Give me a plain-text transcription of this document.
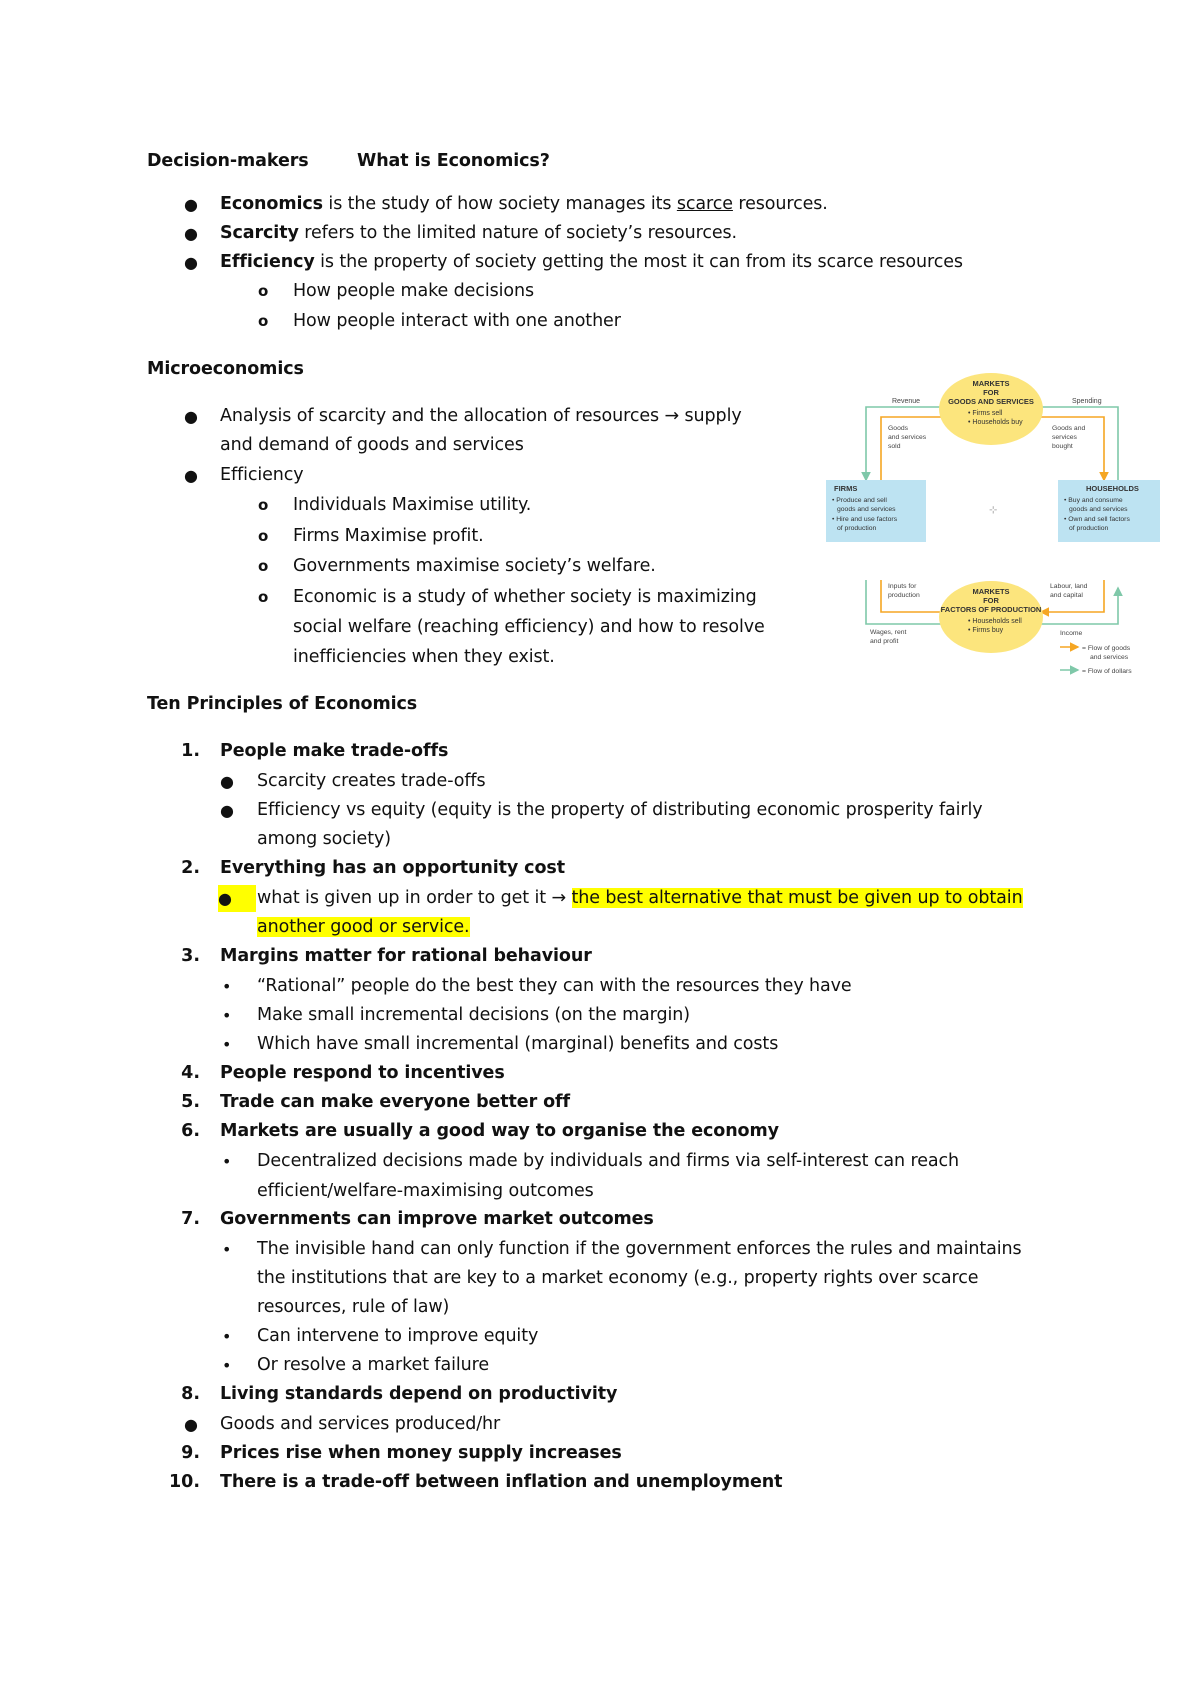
Decision-makers	What is Economics?
● Economics is the study of how society manages its scarce resources.
● Scarcity refers to the limited nature of society’s resources.
● Efficiency is the property of society getting the most it can from its scarce resources
o How people make decisions
o How people interact with one another
Microeconomics
● Analysis of scarcity and the allocation of resources → supply
and demand of goods and services
● Efficiency
o Individuals Maximise utility.
o Firms Maximise profit.
o Governments maximise society’s welfare.
o Economic is a study of whether society is maximizing
social welfare (reaching efficiency) and how to resolve
inefficiencies when they exist.
MARKETS
FOR
GOODS AND SERVICES
• Firms sell
• Households buy
MARKETS
FOR
FACTORS OF PRODUCTION
• Households sell
• Firms buy
FIRMS
• Produce and sell
goods and services
• Hire and use factors
of production
HOUSEHOLDS
• Buy and consume
goods and services
• Own and sell factors
of production
Revenue	Spending
Goods
and services
sold
Goods and
services
bought
Inputs for
production
Labour, land
and capital
Wages, rent
and profit
Income
⊹
= Flow of goods
and services
= Flow of dollars
Ten Principles of Economics
1. People make trade-offs
● Scarcity creates trade-offs
● Efficiency vs equity (equity is the property of distributing economic prosperity fairly
among society)
2. Everything has an opportunity cost
●	what is given up in order to get it → the best alternative that must be given up to obtain
another good or service.
3. Margins matter for rational behaviour
• “Rational” people do the best they can with the resources they have
• Make small incremental decisions (on the margin)
• Which have small incremental (marginal) benefits and costs
4. People respond to incentives
5. Trade can make everyone better off
6. Markets are usually a good way to organise the economy
• Decentralized decisions made by individuals and firms via self-interest can reach
efficient/welfare-maximising outcomes
7. Governments can improve market outcomes
• The invisible hand can only function if the government enforces the rules and maintains
the institutions that are key to a market economy (e.g., property rights over scarce
resources, rule of law)
• Can intervene to improve equity
• Or resolve a market failure
8. Living standards depend on productivity
● Goods and services produced/hr
9. Prices rise when money supply increases
10. There is a trade-off between inflation and unemployment
